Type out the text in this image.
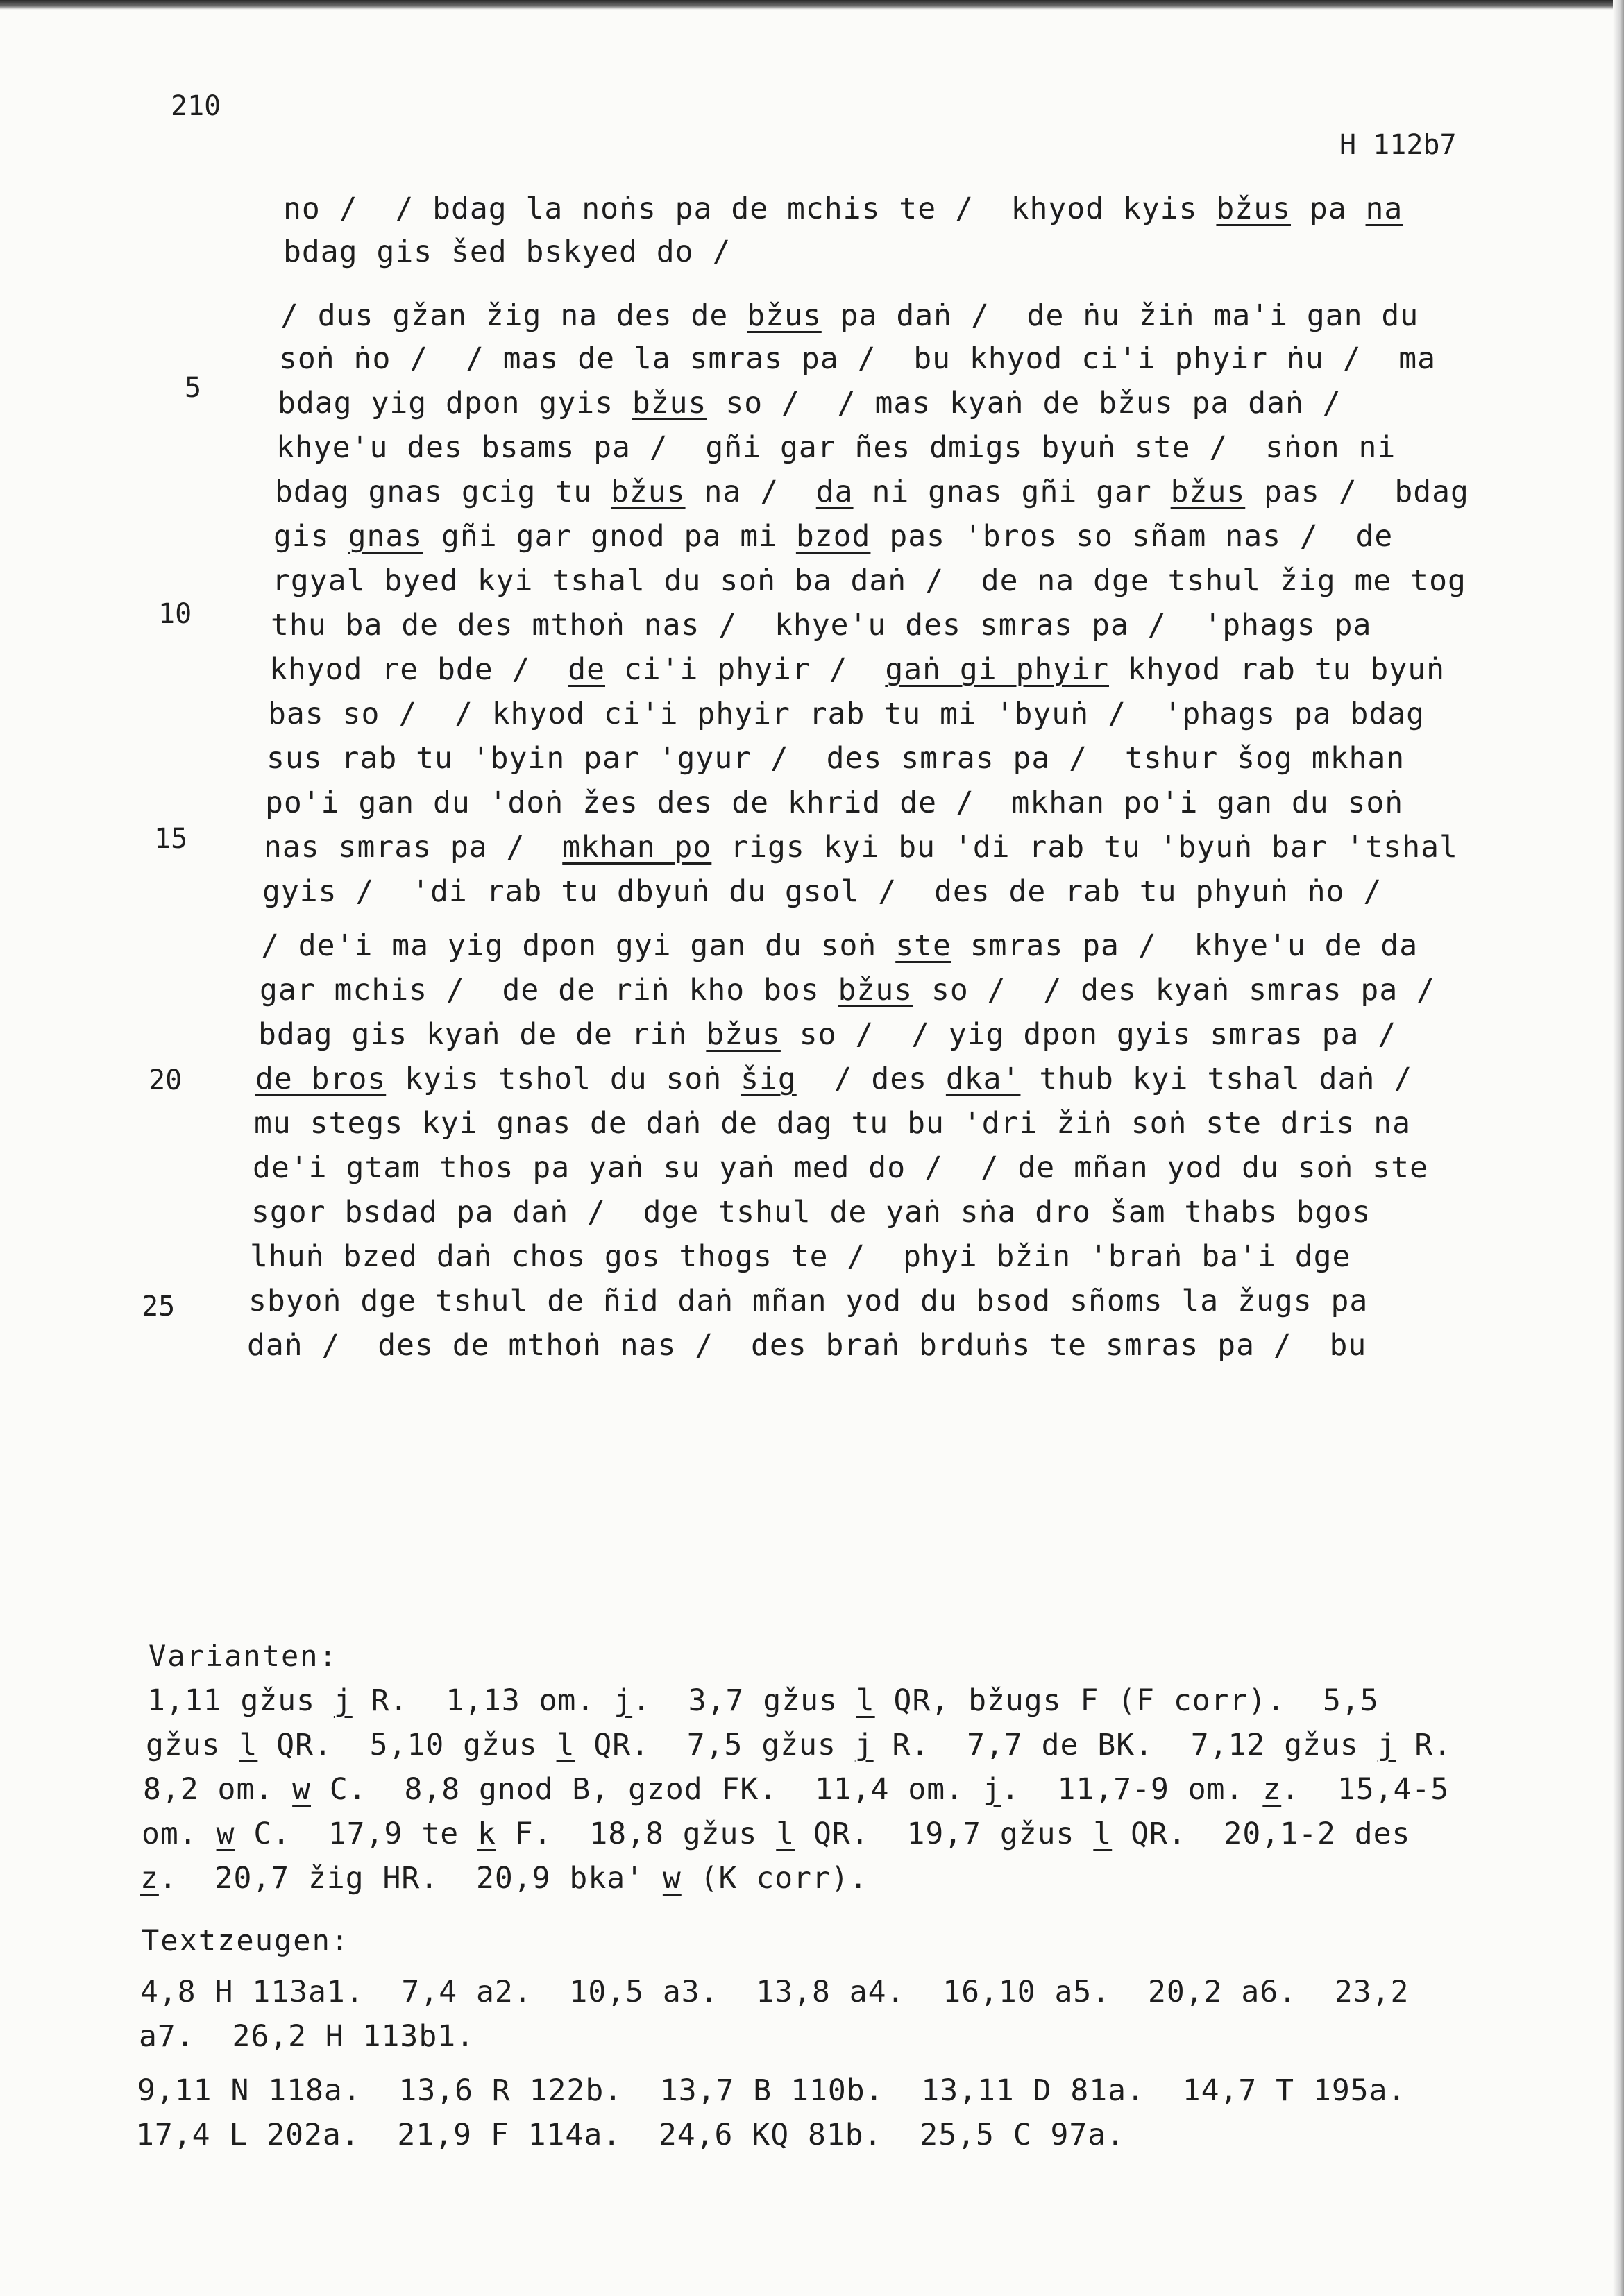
210
H 112b7
5
10
15
20
25
no /  / bdag la noṅs pa de mchis te /  khyod kyis bžus pa na
bdag gis šed bskyed do /
/ dus gžan žig na des de bžus pa daṅ /  de ṅu žiṅ ma'i gan du
soṅ ṅo /  / mas de la smras pa /  bu khyod ci'i phyir ṅu /  ma
bdag yig dpon gyis bžus so /  / mas kyaṅ de bžus pa daṅ /
khye'u des bsams pa /  gñi gar ñes dmigs byuṅ ste /  sṅon ni
bdag gnas gcig tu bžus na /  da ni gnas gñi gar bžus pas /  bdag
gis gnas gñi gar gnod pa mi bzod pas 'bros so sñam nas /  de
rgyal byed kyi tshal du soṅ ba daṅ /  de na dge tshul žig me tog
thu ba de des mthoṅ nas /  khye'u des smras pa /  'phags pa
khyod re bde /  de ci'i phyir /  gaṅ gi phyir khyod rab tu byuṅ
bas so /  / khyod ci'i phyir rab tu mi 'byuṅ /  'phags pa bdag
sus rab tu 'byin par 'gyur /  des smras pa /  tshur šog mkhan
po'i gan du 'doṅ žes des de khrid de /  mkhan po'i gan du soṅ
nas smras pa /  mkhan po rigs kyi bu 'di rab tu 'byuṅ bar 'tshal
gyis /  'di rab tu dbyuṅ du gsol /  des de rab tu phyuṅ ṅo /
/ de'i ma yig dpon gyi gan du soṅ ste smras pa /  khye'u de da
gar mchis /  de de riṅ kho bos bžus so /  / des kyaṅ smras pa /
bdag gis kyaṅ de de riṅ bžus so /  / yig dpon gyis smras pa /
de bros kyis tshol du soṅ šig  / des dka' thub kyi tshal daṅ /
mu stegs kyi gnas de daṅ de dag tu bu 'dri žiṅ soṅ ste dris na
de'i gtam thos pa yaṅ su yaṅ med do /  / de mñan yod du soṅ ste
sgor bsdad pa daṅ /  dge tshul de yaṅ sṅa dro šam thabs bgos
lhuṅ bzed daṅ chos gos thogs te /  phyi bžin 'braṅ ba'i dge
sbyoṅ dge tshul de ñid daṅ mñan yod du bsod sñoms la žugs pa
daṅ /  des de mthoṅ nas /  des braṅ brduṅs te smras pa /  bu
Varianten:
1,11 gžus j R.  1,13 om. j.  3,7 gžus l QR, bžugs F (F corr).  5,5
gžus l QR.  5,10 gžus l QR.  7,5 gžus j R.  7,7 de BK.  7,12 gžus j R.
8,2 om. w C.  8,8 gnod B, gzod FK.  11,4 om. j.  11,7-9 om. z.  15,4-5
om. w C.  17,9 te k F.  18,8 gžus l QR.  19,7 gžus l QR.  20,1-2 des
z.  20,7 žig HR.  20,9 bka' w (K corr).
Textzeugen:
4,8 H 113a1.  7,4 a2.  10,5 a3.  13,8 a4.  16,10 a5.  20,2 a6.  23,2
a7.  26,2 H 113b1.
9,11 N 118a.  13,6 R 122b.  13,7 B 110b.  13,11 D 81a.  14,7 T 195a.
17,4 L 202a.  21,9 F 114a.  24,6 KQ 81b.  25,5 C 97a.
